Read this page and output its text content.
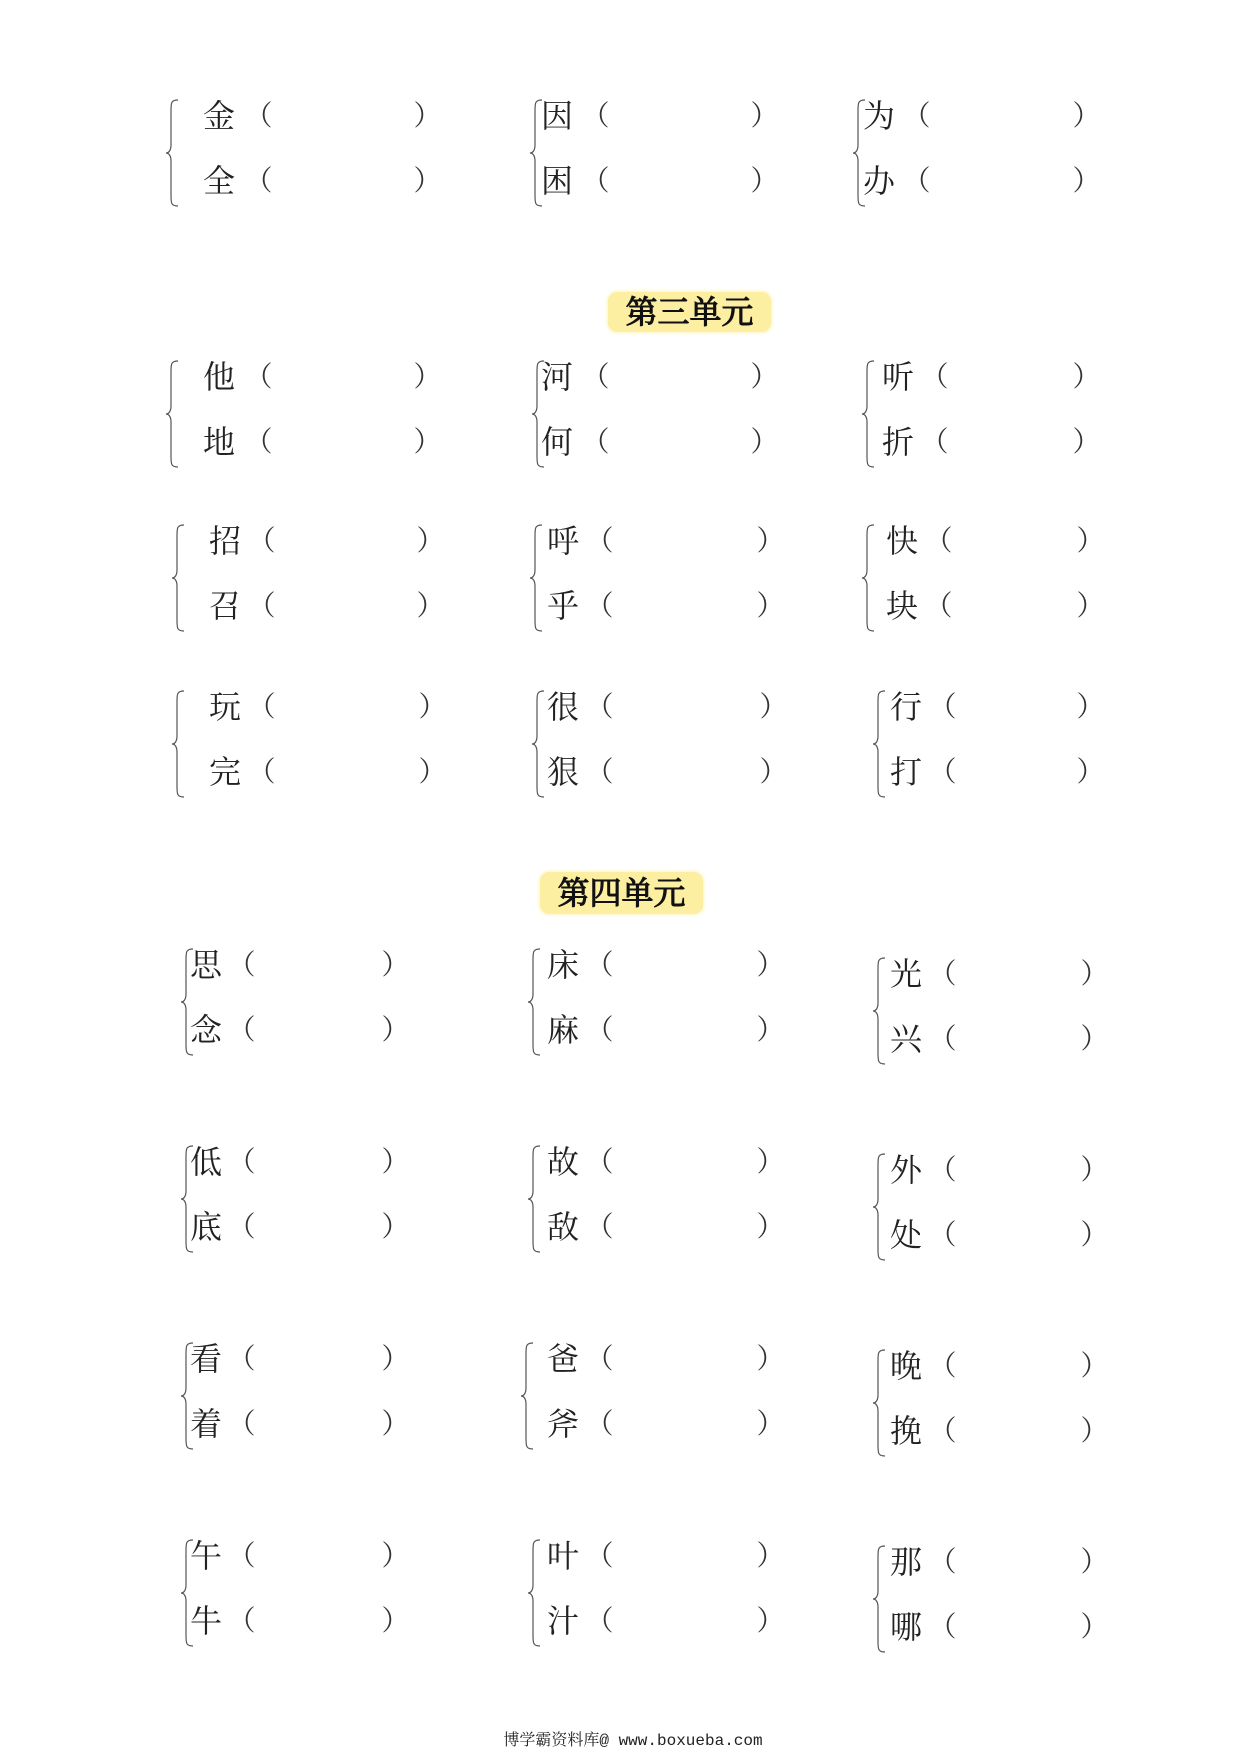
金 （	）
全 （	）
因 （	）
困 （	）
为 （	）
办 （	）
第三单元
他 （	）
地 （	）
河 （	）
何 （	）
听 （	）
折 （	）
招 （	）
召 （	）
呼 （	）
乎 （	）
快 （	）
块 （	）
玩 （	）
完 （	）
很 （	）
狠 （	）
行 （	）
打 （	）
第四单元
思 （	）
念 （	）
床 （	）
麻 （	）
光 （	）
兴 （	）
低 （	）
底 （	）
故 （	）
敌 （	）
外 （	）
处 （	）
看 （	）
着 （	）
爸 （	）
斧 （	）
晚 （	）
挽 （	）
午 （	）
牛 （	）
叶 （	）
汁 （	）
那 （	）
哪 （	）
博学霸资料库@ www.boxueba.com
